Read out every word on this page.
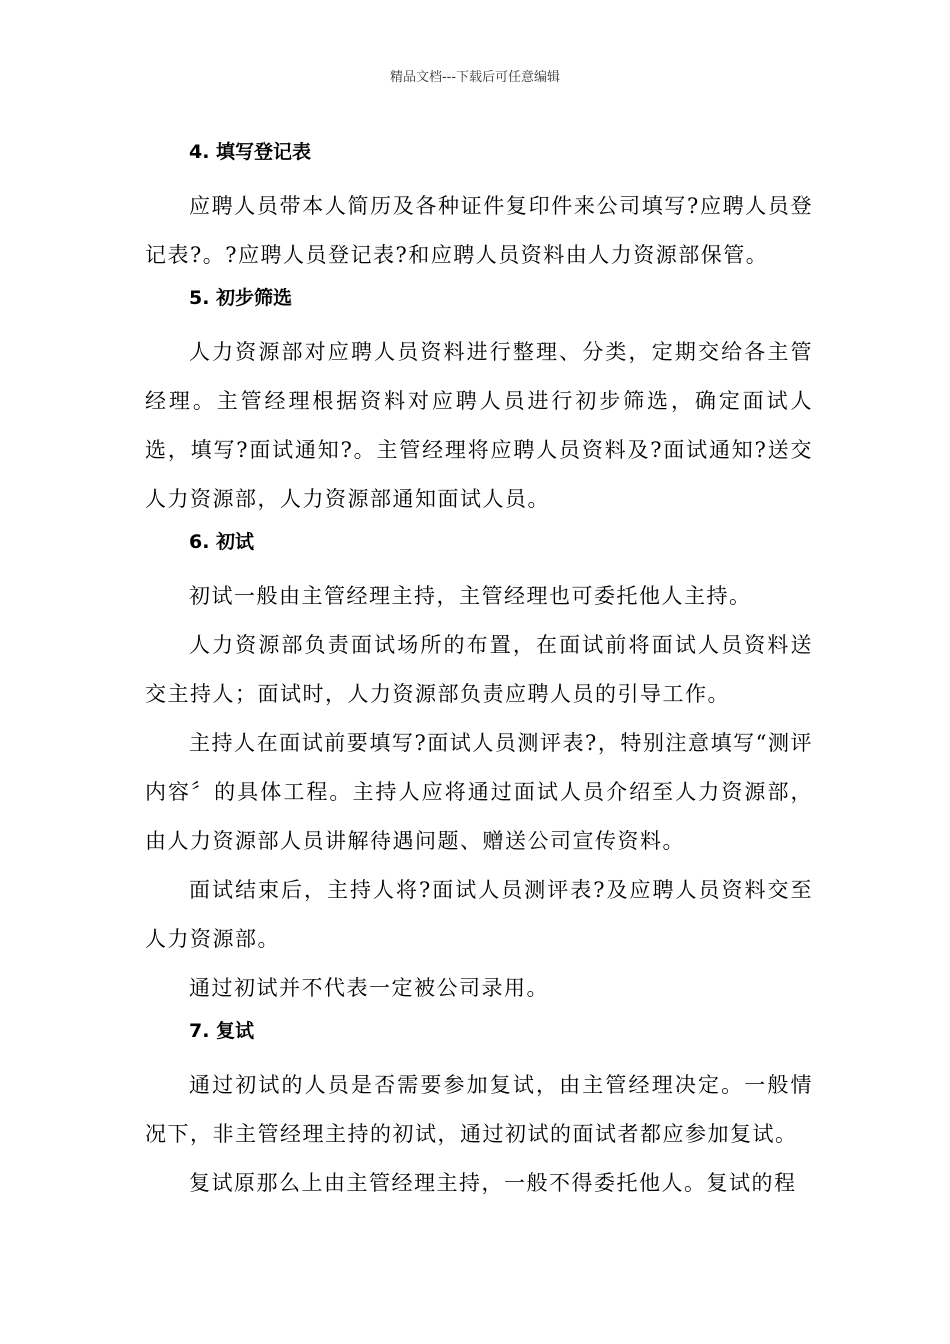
精品文档---下载后可任意编辑
4. 填写登记表

应聘人员带本人简历及各种证件复印件来公司填写?应聘人员登记表?。?应聘人员登记表?和应聘人员资料由人力资源部保管。

5. 初步筛选

人力资源部对应聘人员资料进行整理、分类，定期交给各主管经理。主管经理根据资料对应聘人员进行初步筛选，确定面试人选，填写?面试通知?。主管经理将应聘人员资料及?面试通知?送交人力资源部，人力资源部通知面试人员。

6. 初试

初试一般由主管经理主持，主管经理也可委托他人主持。

人力资源部负责面试场所的布置，在面试前将面试人员资料送交主持人；面试时，人力资源部负责应聘人员的引导工作。

主持人在面试前要填写?面试人员测评表?，特别注意填写“测评内容〞的具体工程。主持人应将通过面试人员介绍至人力资源部，由人力资源部人员讲解待遇问题、赠送公司宣传资料。

面试结束后，主持人将?面试人员测评表?及应聘人员资料交至人力资源部。

通过初试并不代表一定被公司录用。

7. 复试

通过初试的人员是否需要参加复试，由主管经理决定。一般情况下，非主管经理主持的初试，通过初试的面试者都应参加复试。

复试原那么上由主管经理主持，一般不得委托他人。复试的程
